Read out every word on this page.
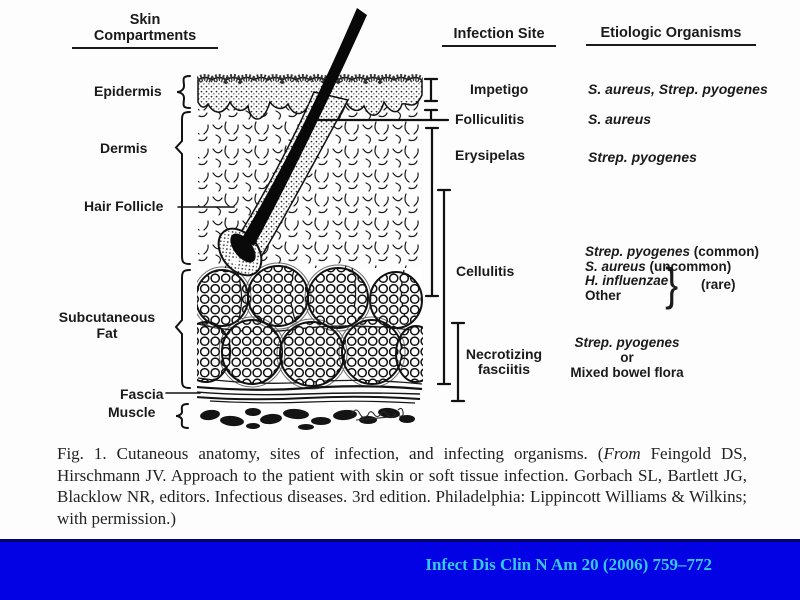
Skin
Compartments	Infection Site	Etiologic Organisms
Epidermis
Dermis
Hair Follicle
Subcutaneous
Fat
Fascia
Muscle
Impetigo
Folliculitis
Erysipelas
Cellulitis
Necrotizing
fasciitis
S. aureus, Strep. pyogenes
S. aureus
Strep. pyogenes
Strep. pyogenes (common)
S. aureus (uncommon)
H. influenzae
Other } (rare)
Strep. pyogenes
or
Mixed bowel flora
Fig. 1. Cutaneous anatomy, sites of infection, and infecting organisms. (From Feingold DS, Hirschmann JV. Approach to the patient with skin or soft tissue infection. Gorbach SL, Bartlett JG, Blacklow NR, editors. Infectious diseases. 3rd edition. Philadelphia: Lippincott Williams & Wilkins; with permission.)
Infect Dis Clin N Am 20 (2006) 759–772
